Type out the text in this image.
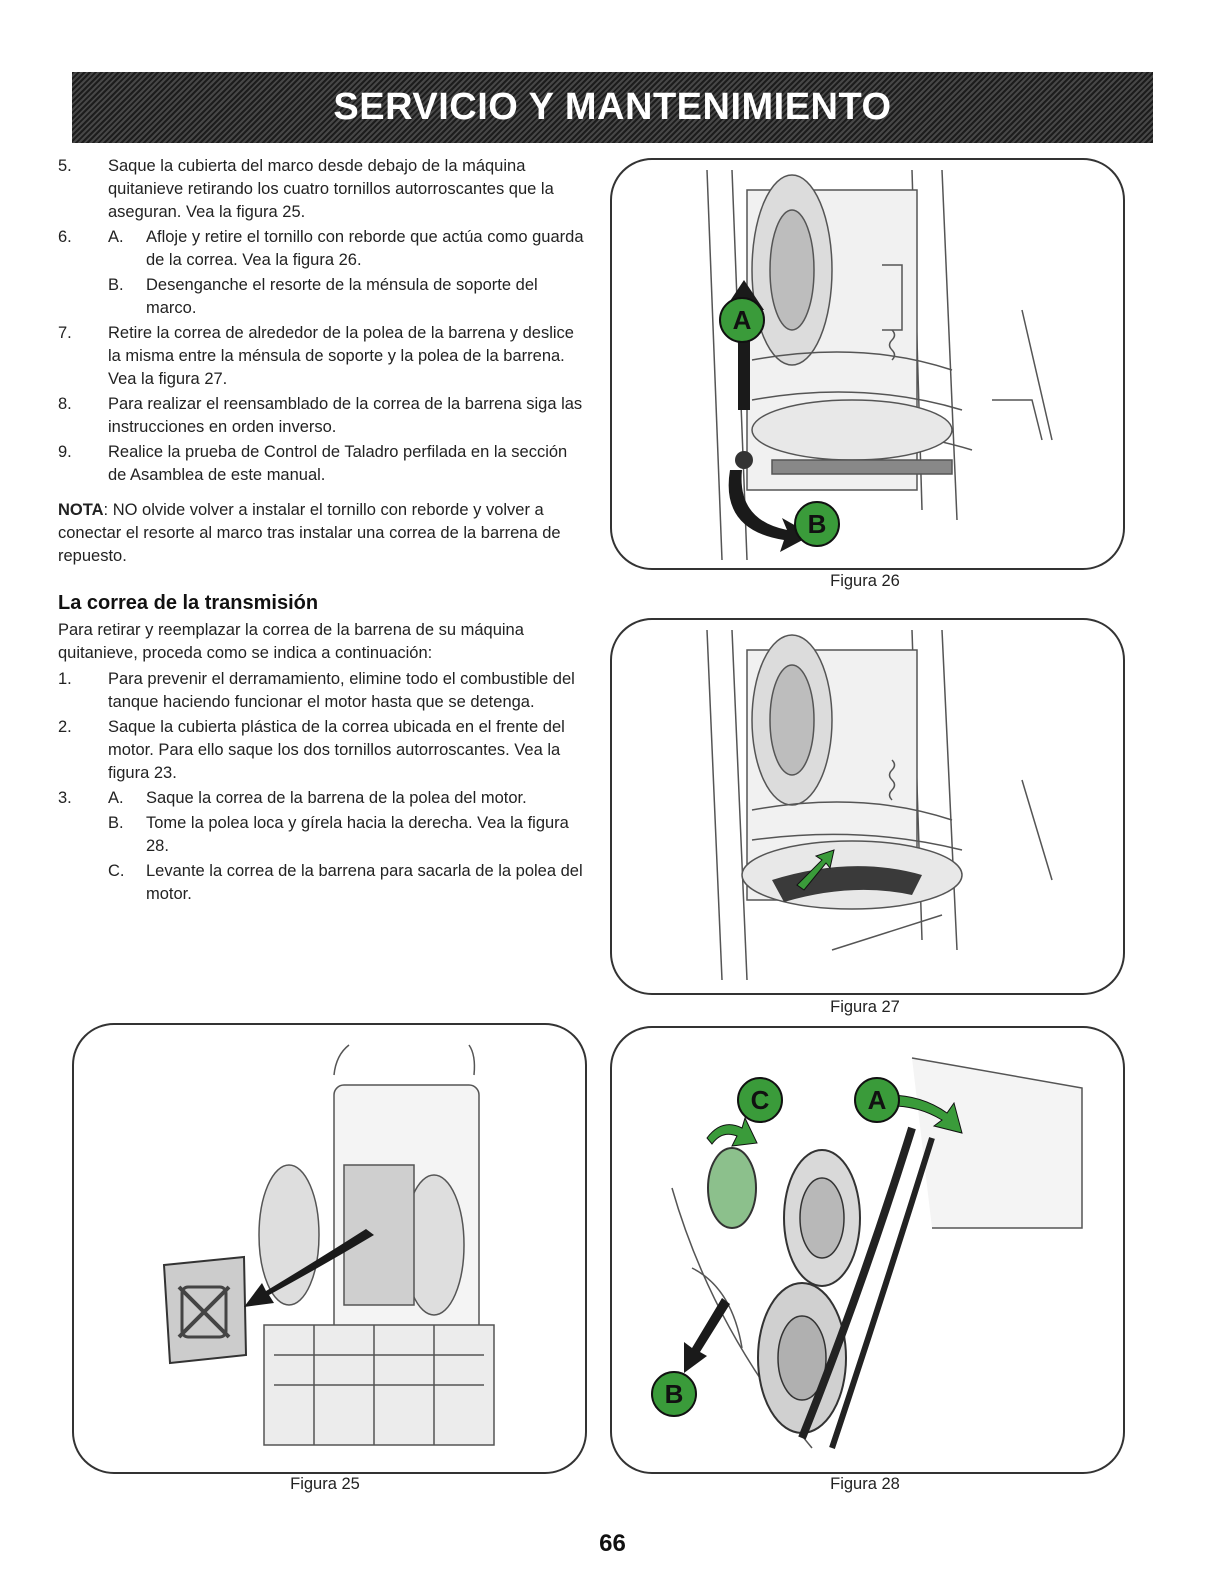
SERVICIO Y MANTENIMIENTO
5. Saque la cubierta del marco desde debajo de la máquina quitanieve retirando los cuatro tornillos autorroscantes que la aseguran. Vea la figura 25.
6. A. Afloje y retire el tornillo con reborde que actúa como guarda de la correa. Vea la figura 26.
B. Desenganche el resorte de la ménsula de soporte del marco.
7. Retire la correa de alrededor de la polea de la barrena y deslice la misma entre la ménsula de soporte y la polea de la barrena. Vea la figura 27.
8. Para realizar el reensamblado de la correa de la barrena siga las instrucciones en orden inverso.
9. Realice la prueba de Control de Taladro perfilada en la sección de Asamblea de este manual.

NOTA: NO olvide volver a instalar el tornillo con reborde y volver a conectar el resorte al marco tras instalar una correa de la barrena de repuesto.

La correa de la transmisión

Para retirar y reemplazar la correa de la barrena de su máquina quitanieve, proceda como se indica a continuación:

1. Para prevenir el derramamiento, elimine todo el combustible del tanque haciendo funcionar el motor hasta que se detenga.
2. Saque la cubierta plástica de la correa ubicada en el frente del motor. Para ello saque los dos tornillos autorroscantes. Vea la figura 23.
3. A. Saque la correa de la barrena de la polea del motor.
B. Tome la polea loca y gírela hacia la derecha. Vea la figura 28.
C. Levante la correa de la barrena para sacarla de la polea del motor.
A
B
Figura 26
Figura 27
Figura 25
C	A
B
Figura 28
66
